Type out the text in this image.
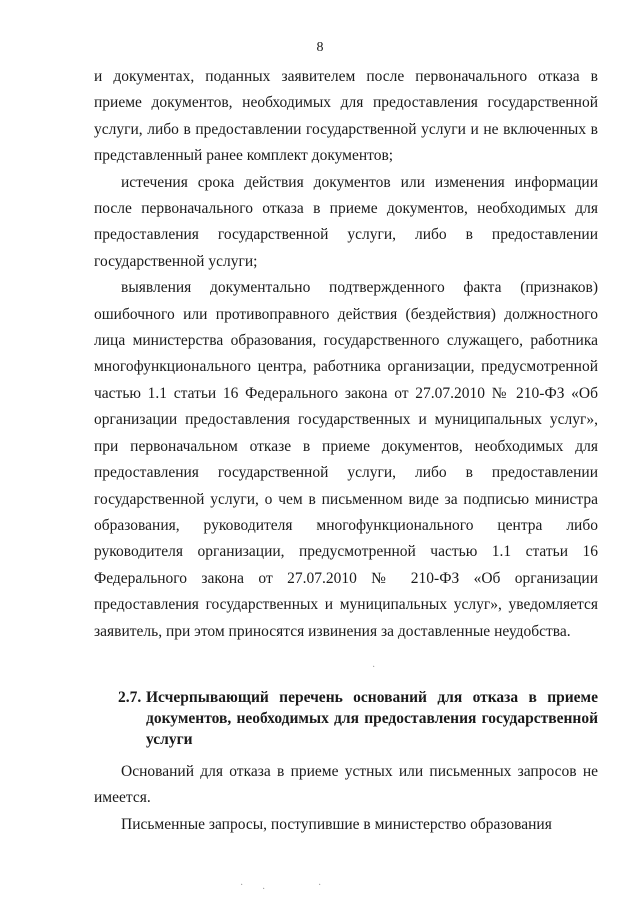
8

и документах, поданных заявителем после первоначального отказа в приеме документов, необходимых для предоставления государственной услуги, либо в предоставлении государственной услуги и не включенных в представленный ранее комплект документов;

истечения срока действия документов или изменения информации после первоначального отказа в приеме документов, необходимых для предоставления государственной услуги, либо в предоставлении государственной услуги;

выявления документально подтвержденного факта (признаков) ошибочного или противоправного действия (бездействия) должностного лица министерства образования, государственного служащего, работника многофункционального центра, работника организации, предусмотренной частью 1.1 статьи 16 Федерального закона от 27.07.2010 № 210-ФЗ «Об организации предоставления государственных и муниципальных услуг», при первоначальном отказе в приеме документов, необходимых для предоставления государственной услуги, либо в предоставлении государственной услуги, о чем в письменном виде за подписью министра образования, руководителя многофункционального центра либо руководителя организации, предусмотренной частью 1.1 статьи 16 Федерального закона от 27.07.2010 № 210-ФЗ «Об организации предоставления государственных и муниципальных услуг», уведомляется заявитель, при этом приносятся извинения за доставленные неудобства.

2.7. Исчерпывающий перечень оснований для отказа в приеме документов, необходимых для предоставления государственной услуги

Оснований для отказа в приеме устных или письменных запросов не имеется.

Письменные запросы, поступившие в министерство образования

·
· ·	·
